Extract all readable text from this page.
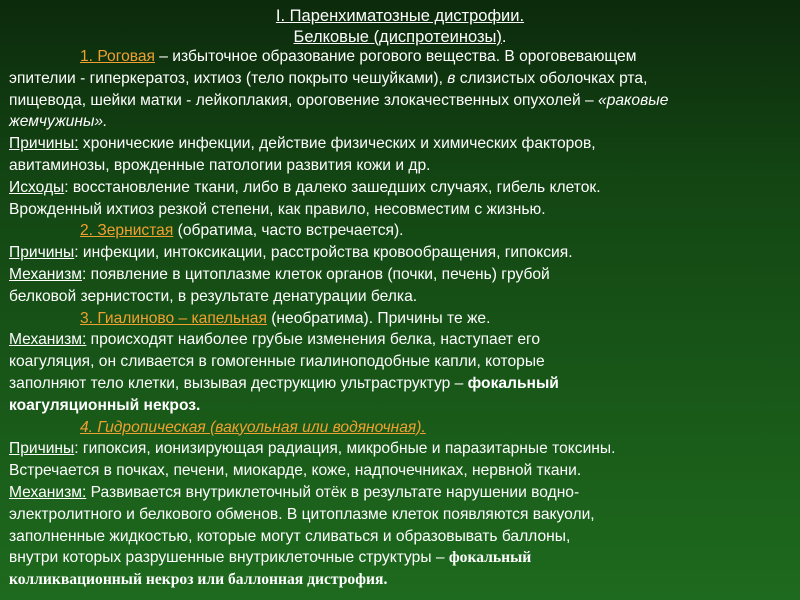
I. Паренхиматозные дистрофии.
Белковые (диспротеинозы).
1. Роговая – избыточное образование рогового вещества. В ороговевающем
эпителии - гиперкератоз, ихтиоз (тело покрыто чешуйками), в слизистых оболочках рта,
пищевода, шейки матки - лейкоплакия, ороговение злокачественных опухолей – «раковые
жемчужины».
Причины: хронические инфекции, действие физических и химических факторов,
авитаминозы, врожденные патологии развития кожи и др.
Исходы: восстановление ткани, либо в далеко зашедших случаях, гибель клеток.
Врожденный ихтиоз резкой степени, как правило, несовместим с жизнью.
2. Зернистая (обратима, часто встречается).
Причины: инфекции, интоксикации, расстройства кровообращения, гипоксия.
Механизм: появление в цитоплазме клеток органов (почки, печень) грубой
белковой зернистости, в результате денатурации белка.
3. Гиалиново – капельная (необратима). Причины те же.
Механизм: происходят наиболее грубые изменения белка, наступает его
коагуляция, он сливается в гомогенные гиалиноподобные капли, которые
заполняют тело клетки, вызывая деструкцию ультраструктур – фокальный
коагуляционный некроз.
4. Гидропическая (вакуольная или водяночная).
Причины: гипоксия, ионизирующая радиация, микробные и паразитарные токсины.
Встречается в почках, печени, миокарде, коже, надпочечниках, нервной ткани.
Механизм: Развивается внутриклеточный отёк в результате нарушении водно-
электролитного и белкового обменов. В цитоплазме клеток появляются вакуоли,
заполненные жидкостью, которые могут сливаться и образовывать баллоны,
внутри которых разрушенные внутриклеточные структуры – фокальный
колликвационный некроз или баллонная дистрофия.
